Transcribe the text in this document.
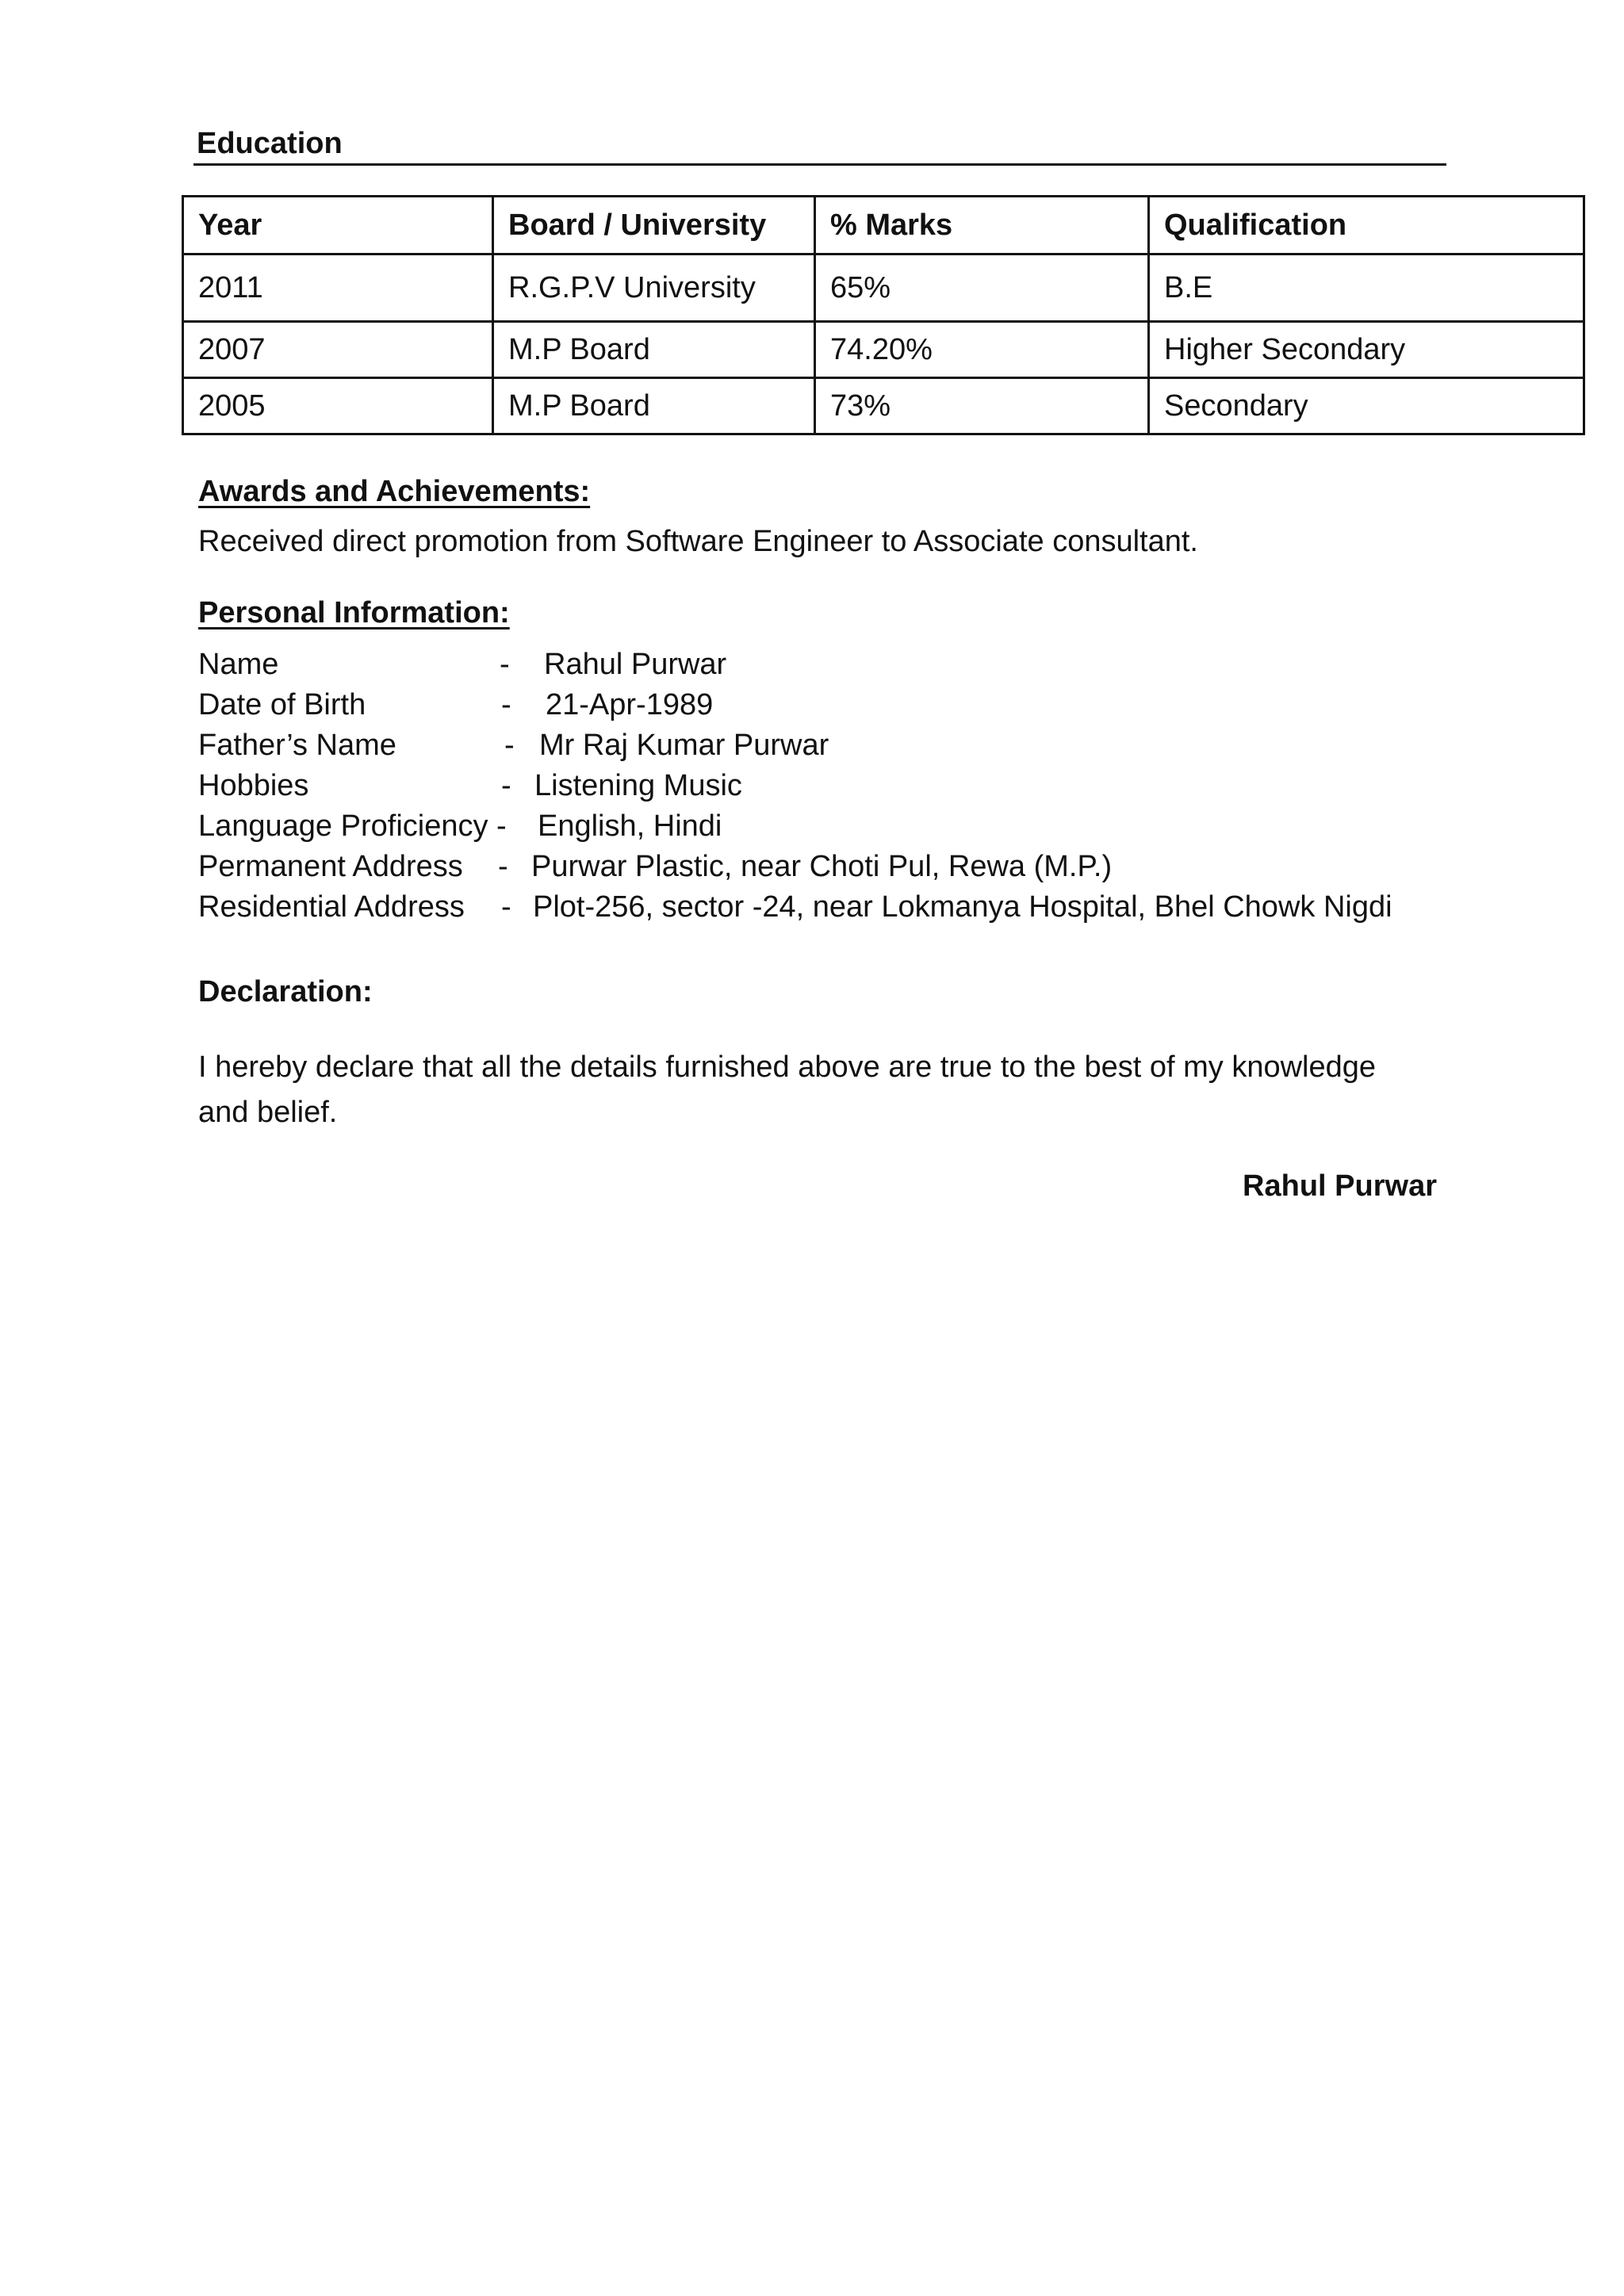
Education
Year	Board / University	% Marks	Qualification
2011	R.G.P.V University	65%	B.E
2007	M.P Board	74.20%	Higher Secondary
2005	M.P Board	73%	Secondary
Awards and Achievements:
Received direct promotion from Software Engineer to Associate consultant.
Personal Information:
Name	- Rahul Purwar
Date of Birth	- 21-Apr-1989
Father’s Name	- Mr Raj Kumar Purwar
Hobbies	- Listening Music
Language Proficiency - English, Hindi
Permanent Address - Purwar Plastic, near Choti Pul, Rewa (M.P.)
Residential Address - Plot-256, sector -24, near Lokmanya Hospital, Bhel Chowk Nigdi
Declaration:
I hereby declare that all the details furnished above are true to the best of my knowledge and belief.
Rahul Purwar
